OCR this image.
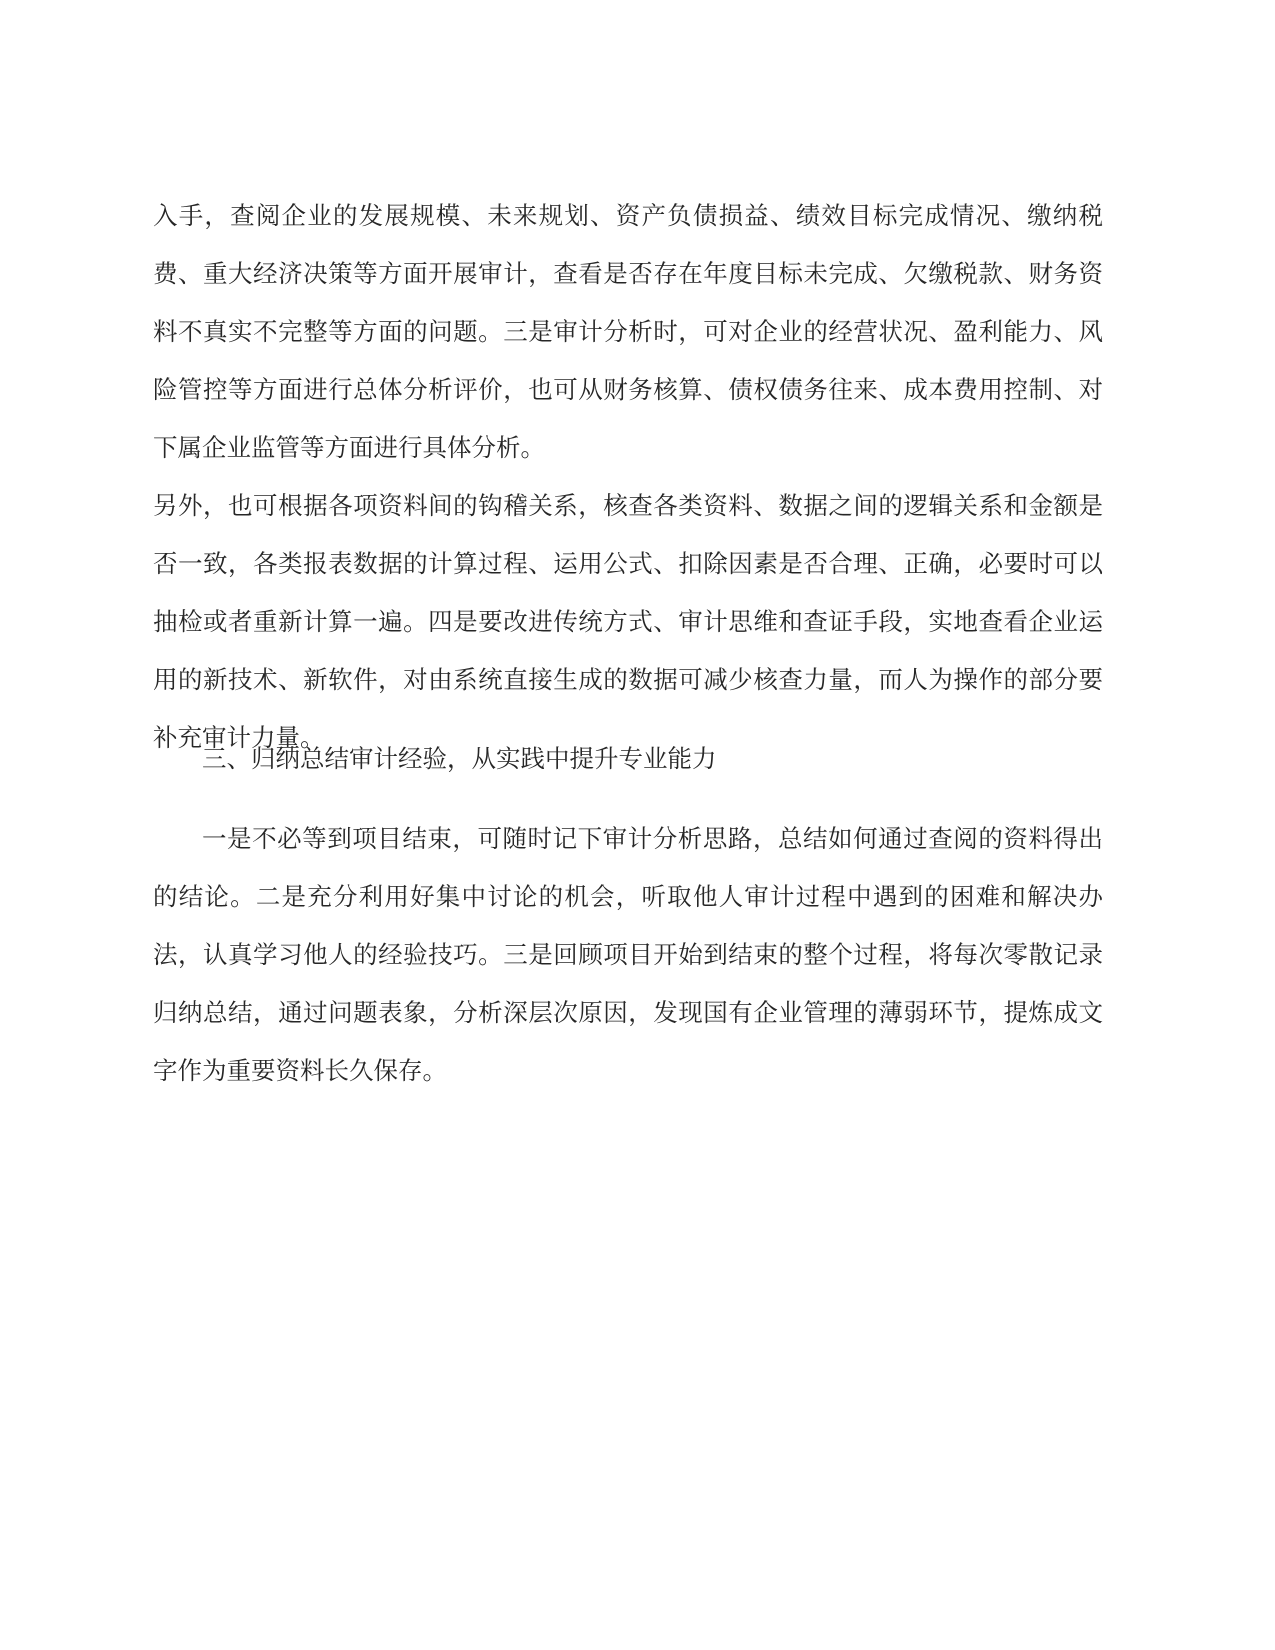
入手，查阅企业的发展规模、未来规划、资产负债损益、绩效目标完成情况、缴纳税费、重大经济决策等方面开展审计，查看是否存在年度目标未完成、欠缴税款、财务资料不真实不完整等方面的问题。三是审计分析时，可对企业的经营状况、盈利能力、风险管控等方面进行总体分析评价，也可从财务核算、债权债务往来、成本费用控制、对下属企业监管等方面进行具体分析。

另外，也可根据各项资料间的钩稽关系，核查各类资料、数据之间的逻辑关系和金额是否一致，各类报表数据的计算过程、运用公式、扣除因素是否合理、正确，必要时可以抽检或者重新计算一遍。四是要改进传统方式、审计思维和查证手段，实地查看企业运用的新技术、新软件，对由系统直接生成的数据可减少核查力量，而人为操作的部分要补充审计力量。

三、归纳总结审计经验，从实践中提升专业能力

一是不必等到项目结束，可随时记下审计分析思路，总结如何通过查阅的资料得出的结论。二是充分利用好集中讨论的机会，听取他人审计过程中遇到的困难和解决办法，认真学习他人的经验技巧。三是回顾项目开始到结束的整个过程，将每次零散记录归纳总结，通过问题表象，分析深层次原因，发现国有企业管理的薄弱环节，提炼成文字作为重要资料长久保存。
